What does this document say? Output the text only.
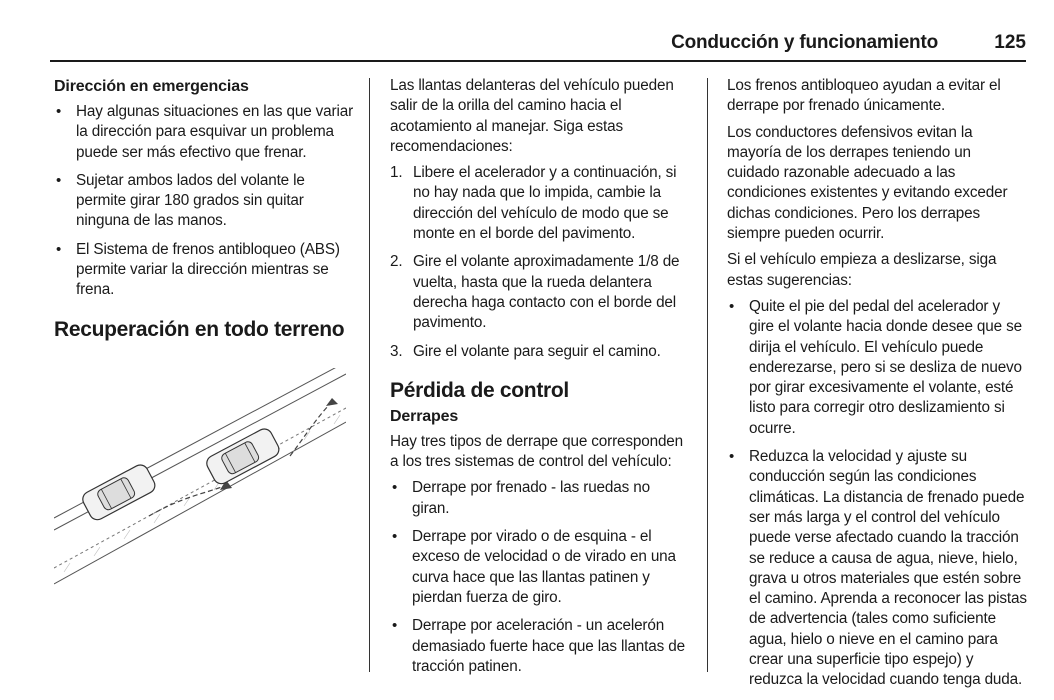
Conducción y funcionamiento	125
Dirección en emergencias
• Hay algunas situaciones en las que variar la dirección para esquivar un problema puede ser más efectivo que frenar.
• Sujetar ambos lados del volante le permite girar 180 grados sin quitar ninguna de las manos.
• El Sistema de frenos antibloqueo (ABS) permite variar la dirección mientras se frena.
Recuperación en todo terreno

Las llantas delanteras del vehículo pueden salir de la orilla del camino hacia el acotamiento al manejar. Siga estas recomendaciones:

1. Libere el acelerador y a continuación, si no hay nada que lo impida, cambie la dirección del vehículo de modo que se monte en el borde del pavimento.
2. Gire el volante aproximadamente 1/8 de vuelta, hasta que la rueda delantera derecha haga contacto con el borde del pavimento.
3. Gire el volante para seguir el camino.
Pérdida de control
Derrapes

Hay tres tipos de derrape que corresponden a los tres sistemas de control del vehículo:

• Derrape por frenado - las ruedas no giran.
• Derrape por virado o de esquina - el exceso de velocidad o de virado en una curva hace que las llantas patinen y pierdan fuerza de giro.
• Derrape por aceleración - un acelerón demasiado fuerte hace que las llantas de tracción patinen.

Los frenos antibloqueo ayudan a evitar el derrape por frenado únicamente.

Los conductores defensivos evitan la mayoría de los derrapes teniendo un cuidado razonable adecuado a las condiciones existentes y evitando exceder dichas condiciones. Pero los derrapes siempre pueden ocurrir.

Si el vehículo empieza a deslizarse, siga estas sugerencias:

• Quite el pie del pedal del acelerador y gire el volante hacia donde desee que se dirija el vehículo. El vehículo puede enderezarse, pero si se desliza de nuevo por girar excesivamente el volante, esté listo para corregir otro deslizamiento si ocurre.
• Reduzca la velocidad y ajuste su conducción según las condiciones climáticas. La distancia de frenado puede ser más larga y el control del vehículo puede verse afectado cuando la tracción se reduce a causa de agua, nieve, hielo, grava u otros materiales que estén sobre el camino. Aprenda a reconocer las pistas de advertencia (tales como suficiente agua, hielo o nieve en el camino para crear una superficie tipo espejo) y reduzca la velocidad cuando tenga duda.
